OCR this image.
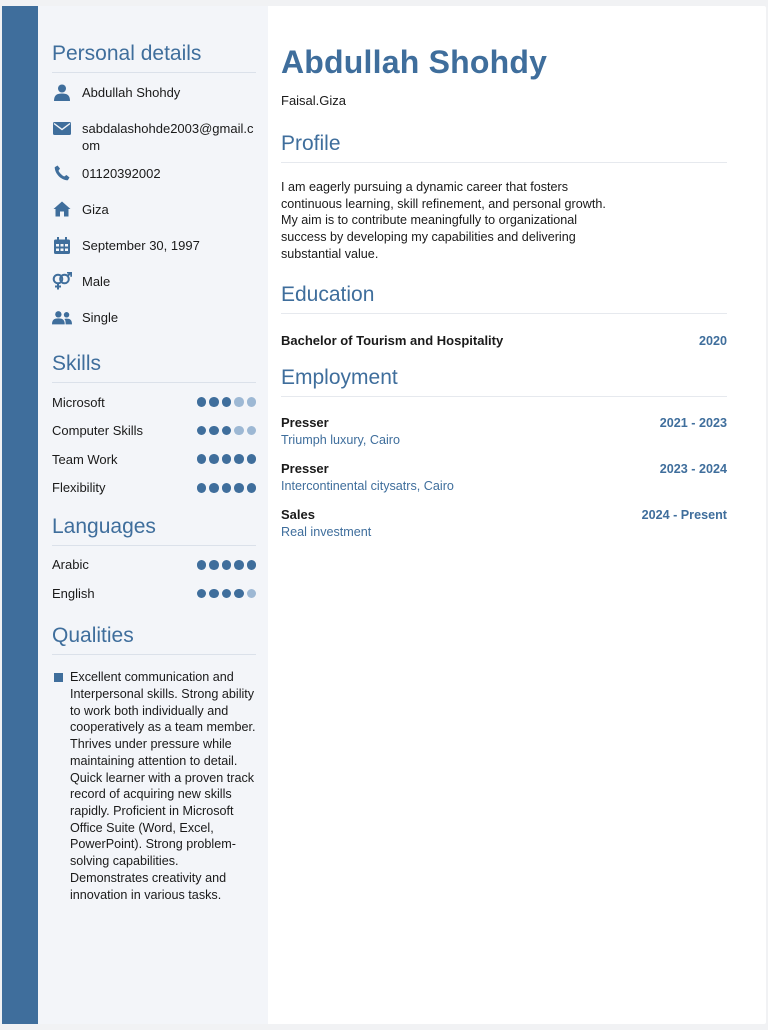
Personal details
Abdullah Shohdy
sabdalashohde2003@gmail.com
01120392002
Giza
September 30, 1997
Male
Single
Skills
Microsoft
Computer Skills
Team Work
Flexibility
Languages
Arabic
English
Qualities
Excellent communication and Interpersonal skills. Strong ability to work both individually and cooperatively as a team member. Thrives under pressure while maintaining attention to detail. Quick learner with a proven track record of acquiring new skills rapidly. Proficient in Microsoft Office Suite (Word, Excel, PowerPoint). Strong problem-solving capabilities. Demonstrates creativity and innovation in various tasks.
Abdullah Shohdy
Faisal.Giza
Profile
I am eagerly pursuing a dynamic career that fosters continuous learning, skill refinement, and personal growth. My aim is to contribute meaningfully to organizational success by developing my capabilities and delivering substantial value.
Education
Bachelor of Tourism and Hospitality	2020
Employment
Presser	2021 - 2023
Triumph luxury, Cairo
Presser	2023 - 2024
Intercontinental citysatrs, Cairo
Sales	2024 - Present
Real investment
